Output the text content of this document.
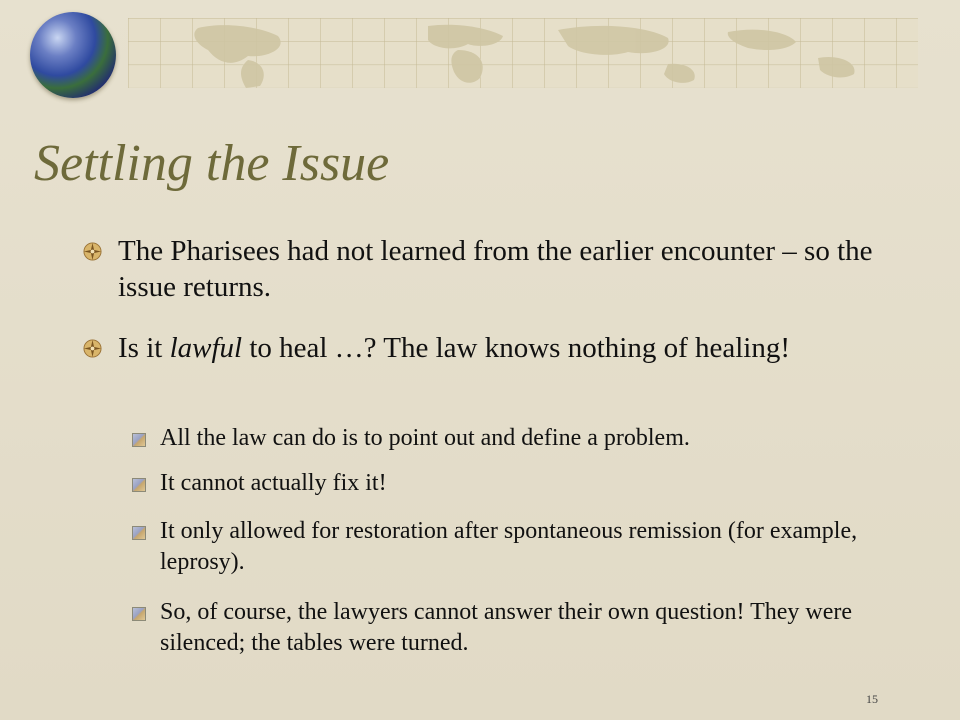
Settling the Issue
The Pharisees had not learned from the earlier encounter – so the issue returns.
Is it lawful to heal …? The law knows nothing of healing!
All the law can do is to point out and define a problem.
It cannot actually fix it!
It only allowed for restoration after spontaneous remission (for example, leprosy).
So, of course, the lawyers cannot answer their own question! They were silenced; the tables were turned.
15
